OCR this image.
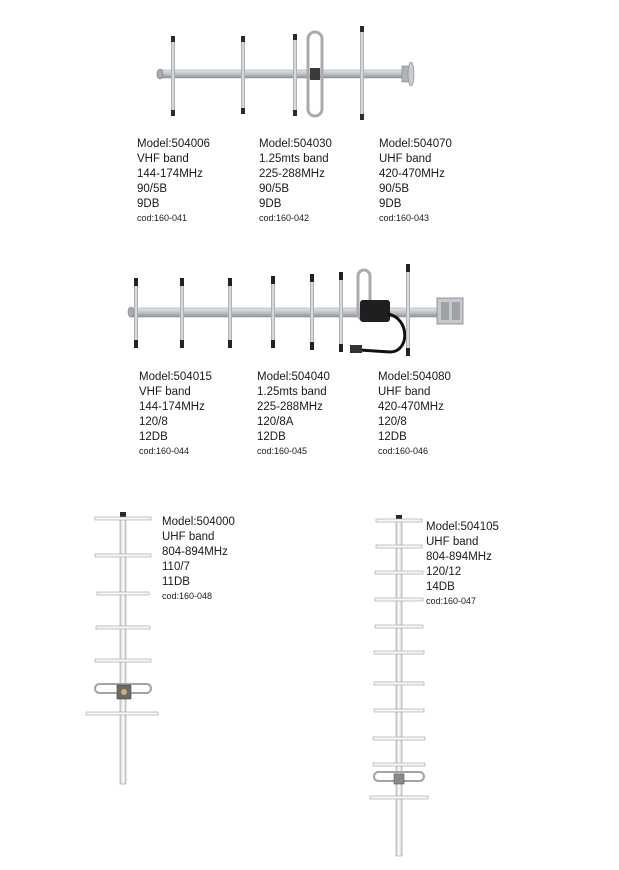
Model:504006
VHF band
144-174MHz
90/5B
9DB
cod:160-041
Model:504030
1.25mts band
225-288MHz
90/5B
9DB
cod:160-042
Model:504070
UHF band
420-470MHz
90/5B
9DB
cod:160-043
Model:504015
VHF band
144-174MHz
120/8
12DB
cod:160-044
Model:504040
1.25mts band
225-288MHz
120/8A
12DB
cod:160-045
Model:504080
UHF band
420-470MHz
120/8
12DB
cod:160-046
Model:504000
UHF band
804-894MHz
110/7
11DB
cod:160-048
Model:504105
UHF band
804-894MHz
120/12
14DB
cod:160-047
